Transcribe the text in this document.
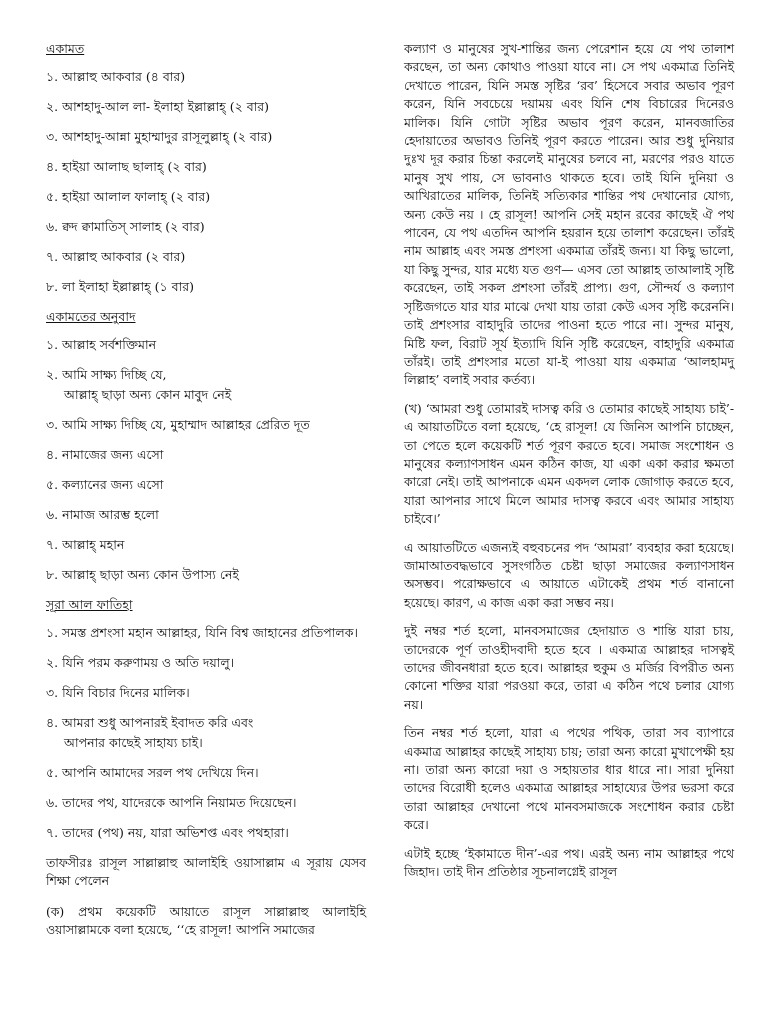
একামত
১. আল্লাহু আকবার (৪ বার)
২. আশহাদু-আল লা- ইলাহা ইল্লাল্লাহ্ (২ বার)
৩. আশহাদু-আন্না মুহাম্মাদুর রাসূলুল্লাহ্ (২ বার)
৪. হাইয়া আলাছ ছালাহ্ (২ বার)
৫. হাইয়া আলাল ফালাহ্ (২ বার)
৬. ক্বদ ক্বামাতিস্ সালাহ (২ বার)
৭. আল্লাহু আকবার (২ বার)
৮. লা ইলাহা ইল্লাল্লাহ্ (১ বার)
একামতের অনুবাদ
১. আল্লাহ সর্বশক্তিমান
২. আমি সাক্ষ্য দিচ্ছি যে,
আল্লাহ্ ছাড়া অন্য কোন মাবুদ নেই
৩. আমি সাক্ষ্য দিচ্ছি যে, মুহাম্মাদ আল্লাহর প্রেরিত দূত
৪. নামাজের জন্য এসো
৫. কল্যানের জন্য এসো
৬. নামাজ আরম্ভ হলো
৭. আল্লাহ্ মহান
৮. আল্লাহ্ ছাড়া অন্য কোন উপাস্য নেই
সূরা আল ফাতিহা
১. সমস্ত প্রশংসা মহান আল্লাহর, যিনি বিশ্ব জাহানের প্রতিপালক।
২. যিনি পরম করুণাময় ও অতি দয়ালু।
৩. যিনি বিচার দিনের মালিক।
৪. আমরা শুধু আপনারই ইবাদত করি এবং
আপনার কাছেই সাহায্য চাই।
৫. আপনি আমাদের সরল পথ দেখিয়ে দিন।
৬. তাদের পথ, যাদেরকে আপনি নিয়ামত দিয়েছেন।
৭. তাদের (পথ) নয়, যারা অভিশপ্ত এবং পথহারা।
তাফসীরঃ রাসূল সাল্লাল্লাহু আলাইহি ওয়াসাল্লাম এ সূরায় যেসব শিক্ষা পেলেন
(ক) প্রথম কয়েকটি আয়াতে রাসূল সাল্লাল্লাহু আলাইহি ওয়াসাল্লামকে বলা হয়েছে, ‘‘হে রাসূল! আপনি সমাজের
কল্যাণ ও মানুষের সুখ-শান্তির জন্য পেরেশান হয়ে যে পথ তালাশ করছেন, তা অন্য কোথাও পাওয়া যাবে না। সে পথ একমাত্র তিনিই দেখাতে পারেন, যিনি সমস্ত সৃষ্টির ‘রব’ হিসেবে সবার অভাব পূরণ করেন, যিনি সবচেয়ে দয়াময় এবং যিনি শেষ বিচারের দিনেরও মালিক। যিনি গোটা সৃষ্টির অভাব পূরণ করেন, মানবজাতির হেদায়াতের অভাবও তিনিই পূরণ করতে পারেন। আর শুধু দুনিয়ার দুঃখ দূর করার চিন্তা করলেই মানুষের চলবে না, মরণের পরও যাতে মানুষ সুখ পায়, সে ভাবনাও থাকতে হবে। তাই যিনি দুনিয়া ও আখিরাতের মালিক, তিনিই সত্যিকার শান্তির পথ দেখানোর যোগ্য, অন্য কেউ নয় । হে রাসূল! আপনি সেই মহান রবের কাছেই ঐ পথ পাবেন, যে পথ এতদিন আপনি হয়রান হয়ে তালাশ করেছেন। তাঁরই নাম আল্লাহ এবং সমস্ত প্রশংসা একমাত্র তাঁরই জন্য। যা কিছু ভালো, যা কিছু সুন্দর, যার মধ্যে যত গুণ— এসব তো আল্লাহ তাআলাই সৃষ্টি করেছেন, তাই সকল প্রশংসা তাঁরই প্রাপ্য। গুণ, সৌন্দর্য ও কল্যাণ সৃষ্টিজগতে যার যার মাঝে দেখা যায় তারা কেউ এসব সৃষ্টি করেননি। তাই প্রশংসার বাহাদুরি তাদের পাওনা হতে পারে না। সুন্দর মানুষ, মিষ্টি ফল, বিরাট সূর্য ইত্যাদি যিনি সৃষ্টি করেছেন, বাহাদুরি একমাত্র তাঁরই। তাই প্রশংসার মতো যা-ই পাওয়া যায় একমাত্র ‘আলহামদু লিল্লাহ’ বলাই সবার কর্তব্য।
(খ) ‘আমরা শুধু তোমারই দাসত্ব করি ও তোমার কাছেই সাহায্য চাই’- এ আয়াতটিতে বলা হয়েছে, ‘হে রাসূল! যে জিনিস আপনি চাচ্ছেন, তা পেতে হলে কয়েকটি শর্ত পূরণ করতে হবে। সমাজ সংশোধন ও মানুষের কল্যাণসাধন এমন কঠিন কাজ, যা একা একা করার ক্ষমতা কারো নেই। তাই আপনাকে এমন একদল লোক জোগাড় করতে হবে, যারা আপনার সাথে মিলে আমার দাসত্ব করবে এবং আমার সাহায্য চাইবে।’
এ আয়াতটিতে এজন্যই বহুবচনের পদ ‘আমরা’ ব্যবহার করা হয়েছে। জামাআতবদ্ধভাবে সুসংগঠিত চেষ্টা ছাড়া সমাজের কল্যাণসাধন অসম্ভব। পরোক্ষভাবে এ আয়াতে এটাকেই প্রথম শর্ত বানানো হয়েছে। কারণ, এ কাজ একা করা সম্ভব নয়।
দুই নম্বর শর্ত হলো, মানবসমাজের হেদায়াত ও শান্তি যারা চায়, তাদেরকে পূর্ণ তাওহীদবাদী হতে হবে । একমাত্র আল্লাহর দাসত্বই তাদের জীবনধারা হতে হবে। আল্লাহর হুকুম ও মর্জির বিপরীত অন্য কোনো শক্তির যারা পরওয়া করে, তারা এ কঠিন পথে চলার যোগ্য নয়।
তিন নম্বর শর্ত হলো, যারা এ পথের পথিক, তারা সব ব্যাপারে একমাত্র আল্লাহর কাছেই সাহায্য চায়; তারা অন্য কারো মুখাপেক্ষী হয় না। তারা অন্য কারো দয়া ও সহায়তার ধার ধারে না। সারা দুনিয়া তাদের বিরোধী হলেও একমাত্র আল্লাহর সাহায্যের উপর ভরসা করে তারা আল্লাহর দেখানো পথে মানবসমাজকে সংশোধন করার চেষ্টা করে।
এটাই হচ্ছে ‘ইকামাতে দীন’-এর পথ। এরই অন্য নাম আল্লাহর পথে জিহাদ। তাই দীন প্রতিষ্ঠার সূচনালগ্নেই রাসূল
